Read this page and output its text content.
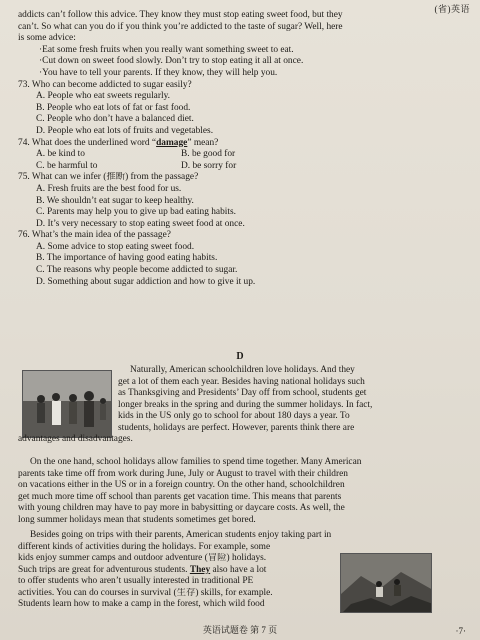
(省)英语
addicts can’t follow this advice. They know they must stop eating sweet food, but they
can’t. So what can you do if you think you’re addicted to the taste of sugar? Well, here
is some advice:
·Eat some fresh fruits when you really want something sweet to eat.
·Cut down on sweet food slowly. Don’t try to stop eating it all at once.
·You have to tell your parents. If they know, they will help you.
73. Who can become addicted to sugar easily?
A. People who eat sweets regularly.
B. People who eat lots of fat or fast food.
C. People who don’t have a balanced diet.
D. People who eat lots of fruits and vegetables.
74. What does the underlined word “damage” mean?
A. be kind to	B. be good for
C. be harmful to	D. be sorry for
75. What can we infer (推断) from the passage?
A. Fresh fruits are the best food for us.
B. We shouldn’t eat sugar to keep healthy.
C. Parents may help you to give up bad eating habits.
D. It’s very necessary to stop eating sweet food at once.
76. What’s the main idea of the passage?
A. Some advice to stop eating sweet food.
B. The importance of having good eating habits.
C. The reasons why people become addicted to sugar.
D. Something about sugar addiction and how to give it up.
D
Naturally, American schoolchildren love holidays. And they
get a lot of them each year. Besides having national holidays such
as Thanksgiving and Presidents’ Day off from school, students get
longer breaks in the spring and during the summer holidays. In fact,
kids in the US only go to school for about 180 days a year. To
students, holidays are perfect. However, parents think there are
advantages and disadvantages.
On the one hand, school holidays allow families to spend time together. Many American
parents take time off from work during June, July or August to travel with their children
on vacations either in the US or in a foreign country. On the other hand, schoolchildren
get much more time off school than parents get vacation time. This means that parents
with young children may have to pay more in babysitting or daycare costs. As well, the
long summer holidays mean that students sometimes get bored.
Besides going on trips with their parents, American students enjoy taking part in
different kinds of activities during the holidays. For example, some
kids enjoy summer camps and outdoor adventure (冒险) holidays.
Such trips are great for adventurous students. They also have a lot
to offer students who aren’t usually interested in traditional PE
activities. You can do courses in survival (生存) skills, for example.
Students learn how to make a camp in the forest, which wild food
英语试题卷 第 7 页	·7·
